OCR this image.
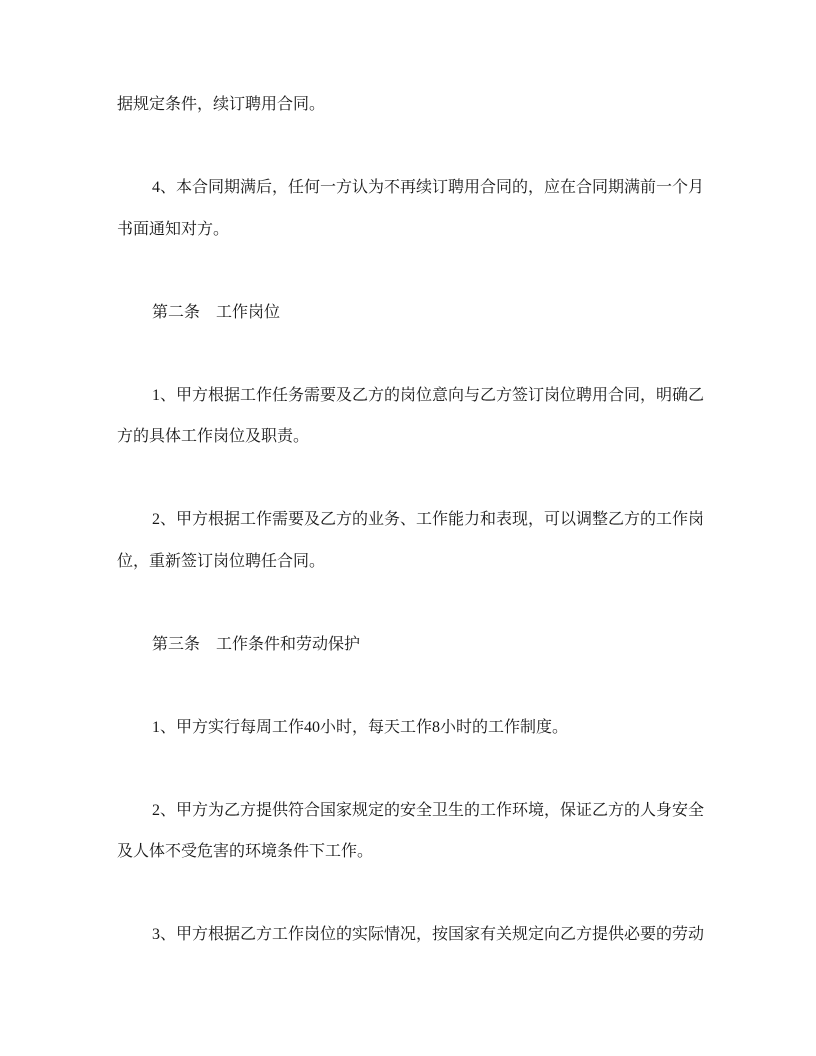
据规定条件，续订聘用合同。
4、本合同期满后，任何一方认为不再续订聘用合同的，应在合同期满前一个月
书面通知对方。
第二条　工作岗位
1、甲方根据工作任务需要及乙方的岗位意向与乙方签订岗位聘用合同，明确乙
方的具体工作岗位及职责。
2、甲方根据工作需要及乙方的业务、工作能力和表现，可以调整乙方的工作岗
位，重新签订岗位聘任合同。
第三条　工作条件和劳动保护
1、甲方实行每周工作40小时，每天工作8小时的工作制度。
2、甲方为乙方提供符合国家规定的安全卫生的工作环境，保证乙方的人身安全
及人体不受危害的环境条件下工作。
3、甲方根据乙方工作岗位的实际情况，按国家有关规定向乙方提供必要的劳动
